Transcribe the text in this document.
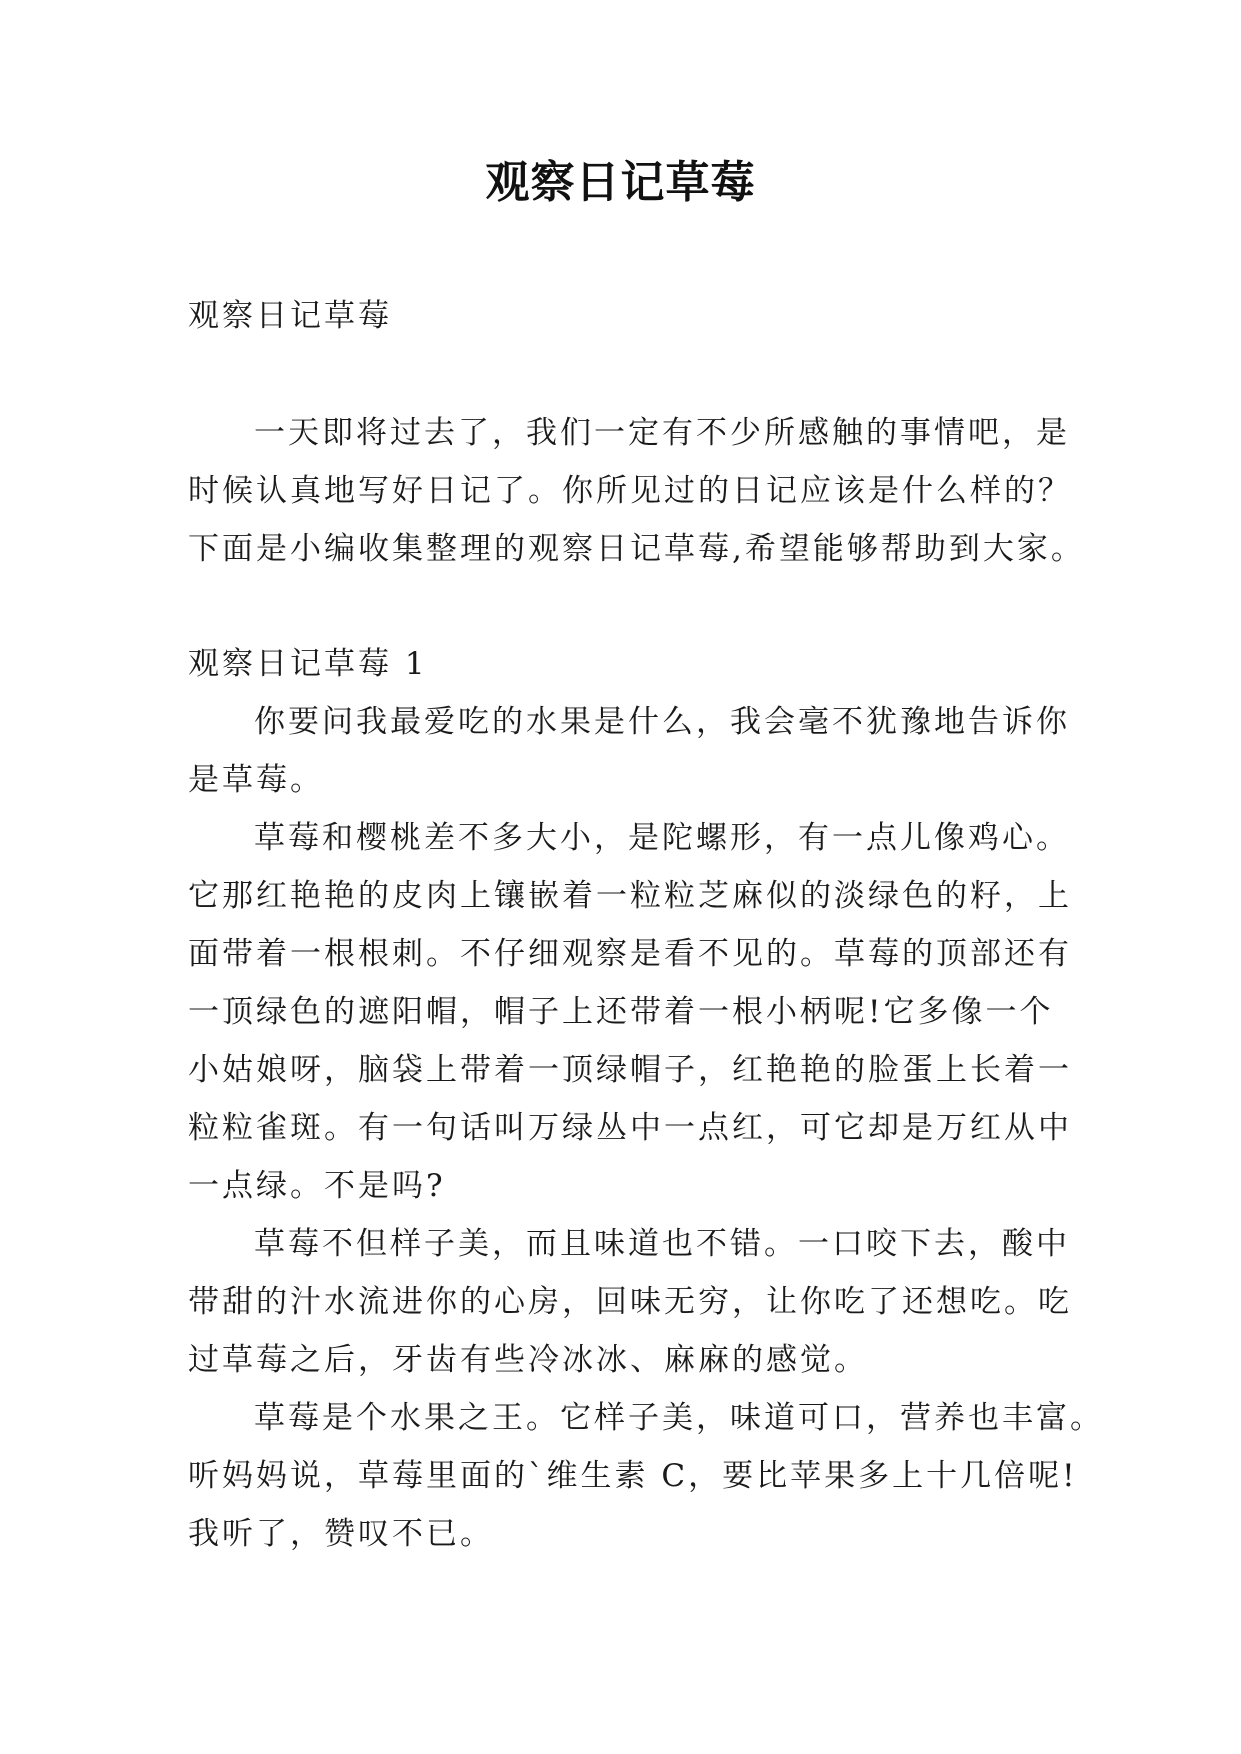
观察日记草莓
观察日记草莓
一天即将过去了，我们一定有不少所感触的事情吧，是
时候认真地写好日记了。你所见过的日记应该是什么样的？
下面是小编收集整理的观察日记草莓,希望能够帮助到大家。
观察日记草莓 1
你要问我最爱吃的水果是什么，我会毫不犹豫地告诉你
是草莓。
草莓和樱桃差不多大小，是陀螺形，有一点儿像鸡心。
它那红艳艳的皮肉上镶嵌着一粒粒芝麻似的淡绿色的籽，上
面带着一根根刺。不仔细观察是看不见的。草莓的顶部还有
一顶绿色的遮阳帽，帽子上还带着一根小柄呢!它多像一个
小姑娘呀，脑袋上带着一顶绿帽子，红艳艳的脸蛋上长着一
粒粒雀斑。有一句话叫万绿丛中一点红，可它却是万红从中
一点绿。不是吗?
草莓不但样子美，而且味道也不错。一口咬下去，酸中
带甜的汁水流进你的心房，回味无穷，让你吃了还想吃。吃
过草莓之后，牙齿有些冷冰冰、麻麻的感觉。
草莓是个水果之王。它样子美，味道可口，营养也丰富。
听妈妈说，草莓里面的`维生素 C，要比苹果多上十几倍呢!
我听了，赞叹不已。
